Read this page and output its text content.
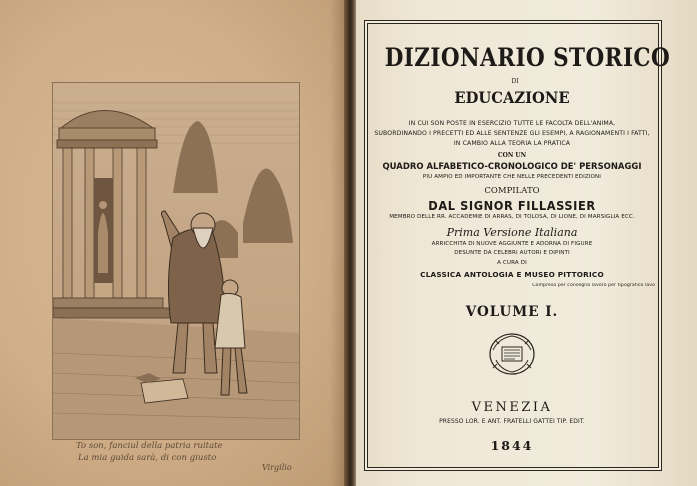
To son, fanciul della patria ruitate
La mia guida sarà, di con giusto
Virgilio
DIZIONARIO STORICO
DI
EDUCAZIONE
IN CUI SON POSTE IN ESERCIZIO TUTTE LE FACOLTA DELL'ANIMA,
SUBORDINANDO I PRECETTI ED ALLE SENTENZE GLI ESEMPI, A RAGIONAMENTI I FATTI,
IN CAMBIO ALLA TEORIA LA PRATICA
CON UN
QUADRO ALFABETICO-CRONOLOGICO DE' PERSONAGGI
PIÙ AMPIO ED IMPORTANTE CHE NELLE PRECEDENTI EDIZIONI
COMPILATO
DAL SIGNOR FILLASSIER
MEMBRO DELLE RR. ACCADEMIE DI ARRAS, DI TOLOSA, DI LIONE, DI MARSIGLIA ECC.
Prima Versione Italiana
ARRICCHITA DI NUOVE AGGIUNTE E ADORNA DI FIGURE
DESUNTE DA CELEBRI AUTORI E DIPINTI
A CURA DI
CLASSICA ANTOLOGIA E MUSEO PITTORICO
Compreso per consegna lavoro per tipografico lavo
VOLUME I.
VENEZIA
PRESSO LOR. E ANT. FRATELLI GATTEI TIP. EDIT.
1844
